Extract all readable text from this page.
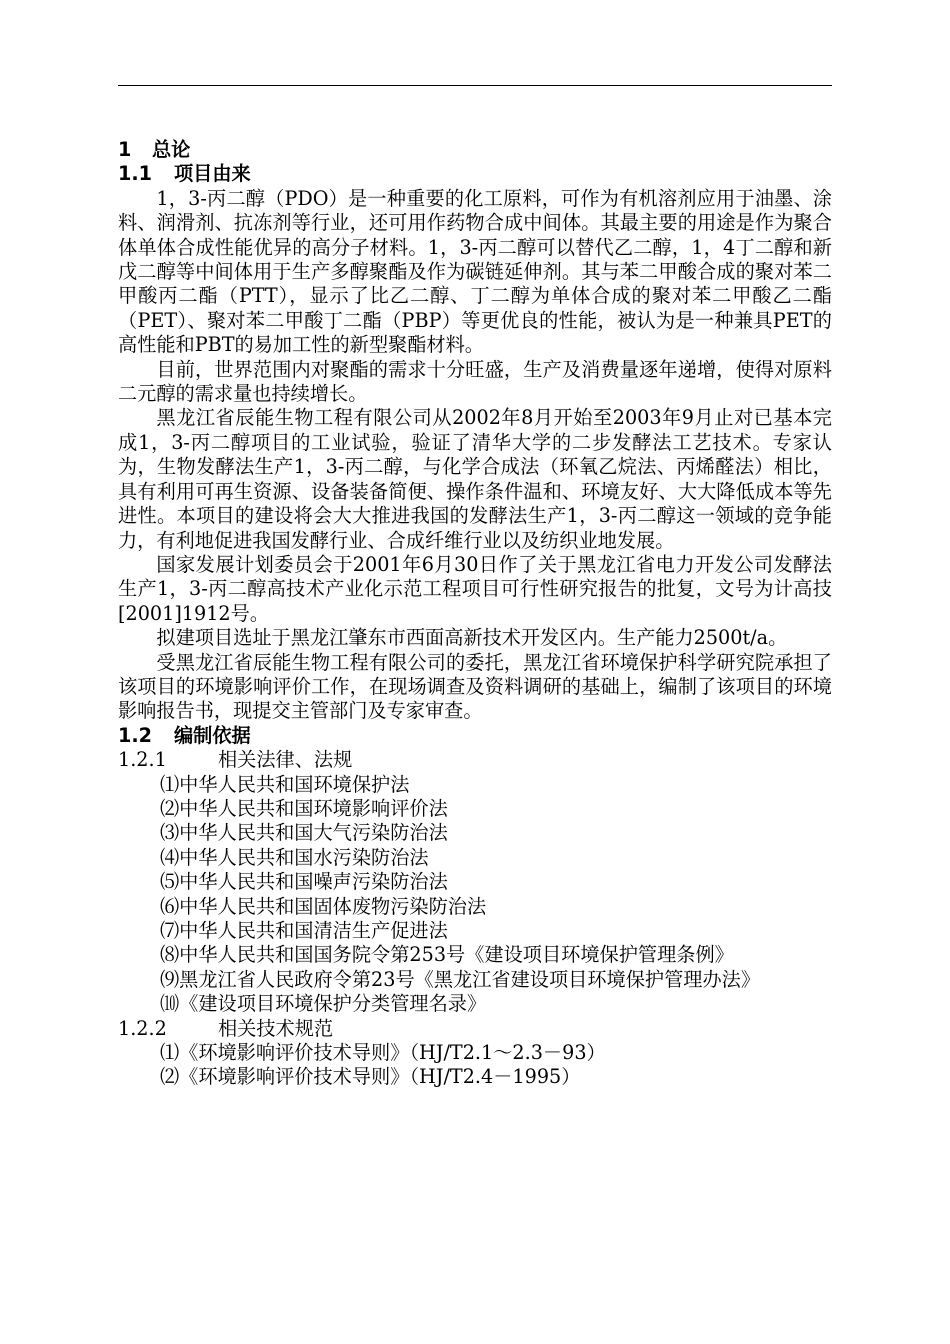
1 总论

1.1 项目由来

1，3-丙二醇（PDO）是一种重要的化工原料，可作为有机溶剂应用于油墨、涂料、润滑剂、抗冻剂等行业，还可用作药物合成中间体。其最主要的用途是作为聚合体单体合成性能优异的高分子材料。1，3-丙二醇可以替代乙二醇，1，4丁二醇和新戊二醇等中间体用于生产多醇聚酯及作为碳链延伸剂。其与苯二甲酸合成的聚对苯二甲酸丙二酯（PTT），显示了比乙二醇、丁二醇为单体合成的聚对苯二甲酸乙二酯（PET）、聚对苯二甲酸丁二酯（PBP）等更优良的性能，被认为是一种兼具PET的高性能和PBT的易加工性的新型聚酯材料。

目前，世界范围内对聚酯的需求十分旺盛，生产及消费量逐年递增，使得对原料二元醇的需求量也持续增长。

黑龙江省辰能生物工程有限公司从2002年8月开始至2003年9月止对已基本完成1，3-丙二醇项目的工业试验，验证了清华大学的二步发酵法工艺技术。专家认为，生物发酵法生产1，3-丙二醇，与化学合成法（环氧乙烷法、丙烯醛法）相比，具有利用可再生资源、设备装备简便、操作条件温和、环境友好、大大降低成本等先进性。本项目的建设将会大大推进我国的发酵法生产1，3-丙二醇这一领域的竞争能力，有利地促进我国发酵行业、合成纤维行业以及纺织业地发展。

国家发展计划委员会于2001年6月30日作了关于黑龙江省电力开发公司发酵法生产1，3-丙二醇高技术产业化示范工程项目可行性研究报告的批复，文号为计高技[2001]1912号。

拟建项目选址于黑龙江肇东市西面高新技术开发区内。生产能力2500t/a。

受黑龙江省辰能生物工程有限公司的委托，黑龙江省环境保护科学研究院承担了该项目的环境影响评价工作，在现场调查及资料调研的基础上，编制了该项目的环境影响报告书，现提交主管部门及专家审查。

1.2 编制依据

1.2.1	相关法律、法规

⑴中华人民共和国环境保护法

⑵中华人民共和国环境影响评价法

⑶中华人民共和国大气污染防治法

⑷中华人民共和国水污染防治法

⑸中华人民共和国噪声污染防治法

⑹中华人民共和国固体废物污染防治法

⑺中华人民共和国清洁生产促进法

⑻中华人民共和国国务院令第253号《建设项目环境保护管理条例》

⑼黑龙江省人民政府令第23号《黑龙江省建设项目环境保护管理办法》

⑽《建设项目环境保护分类管理名录》

1.2.2	相关技术规范

⑴《环境影响评价技术导则》（HJ/T2.1～2.3－93）

⑵《环境影响评价技术导则》（HJ/T2.4－1995）
